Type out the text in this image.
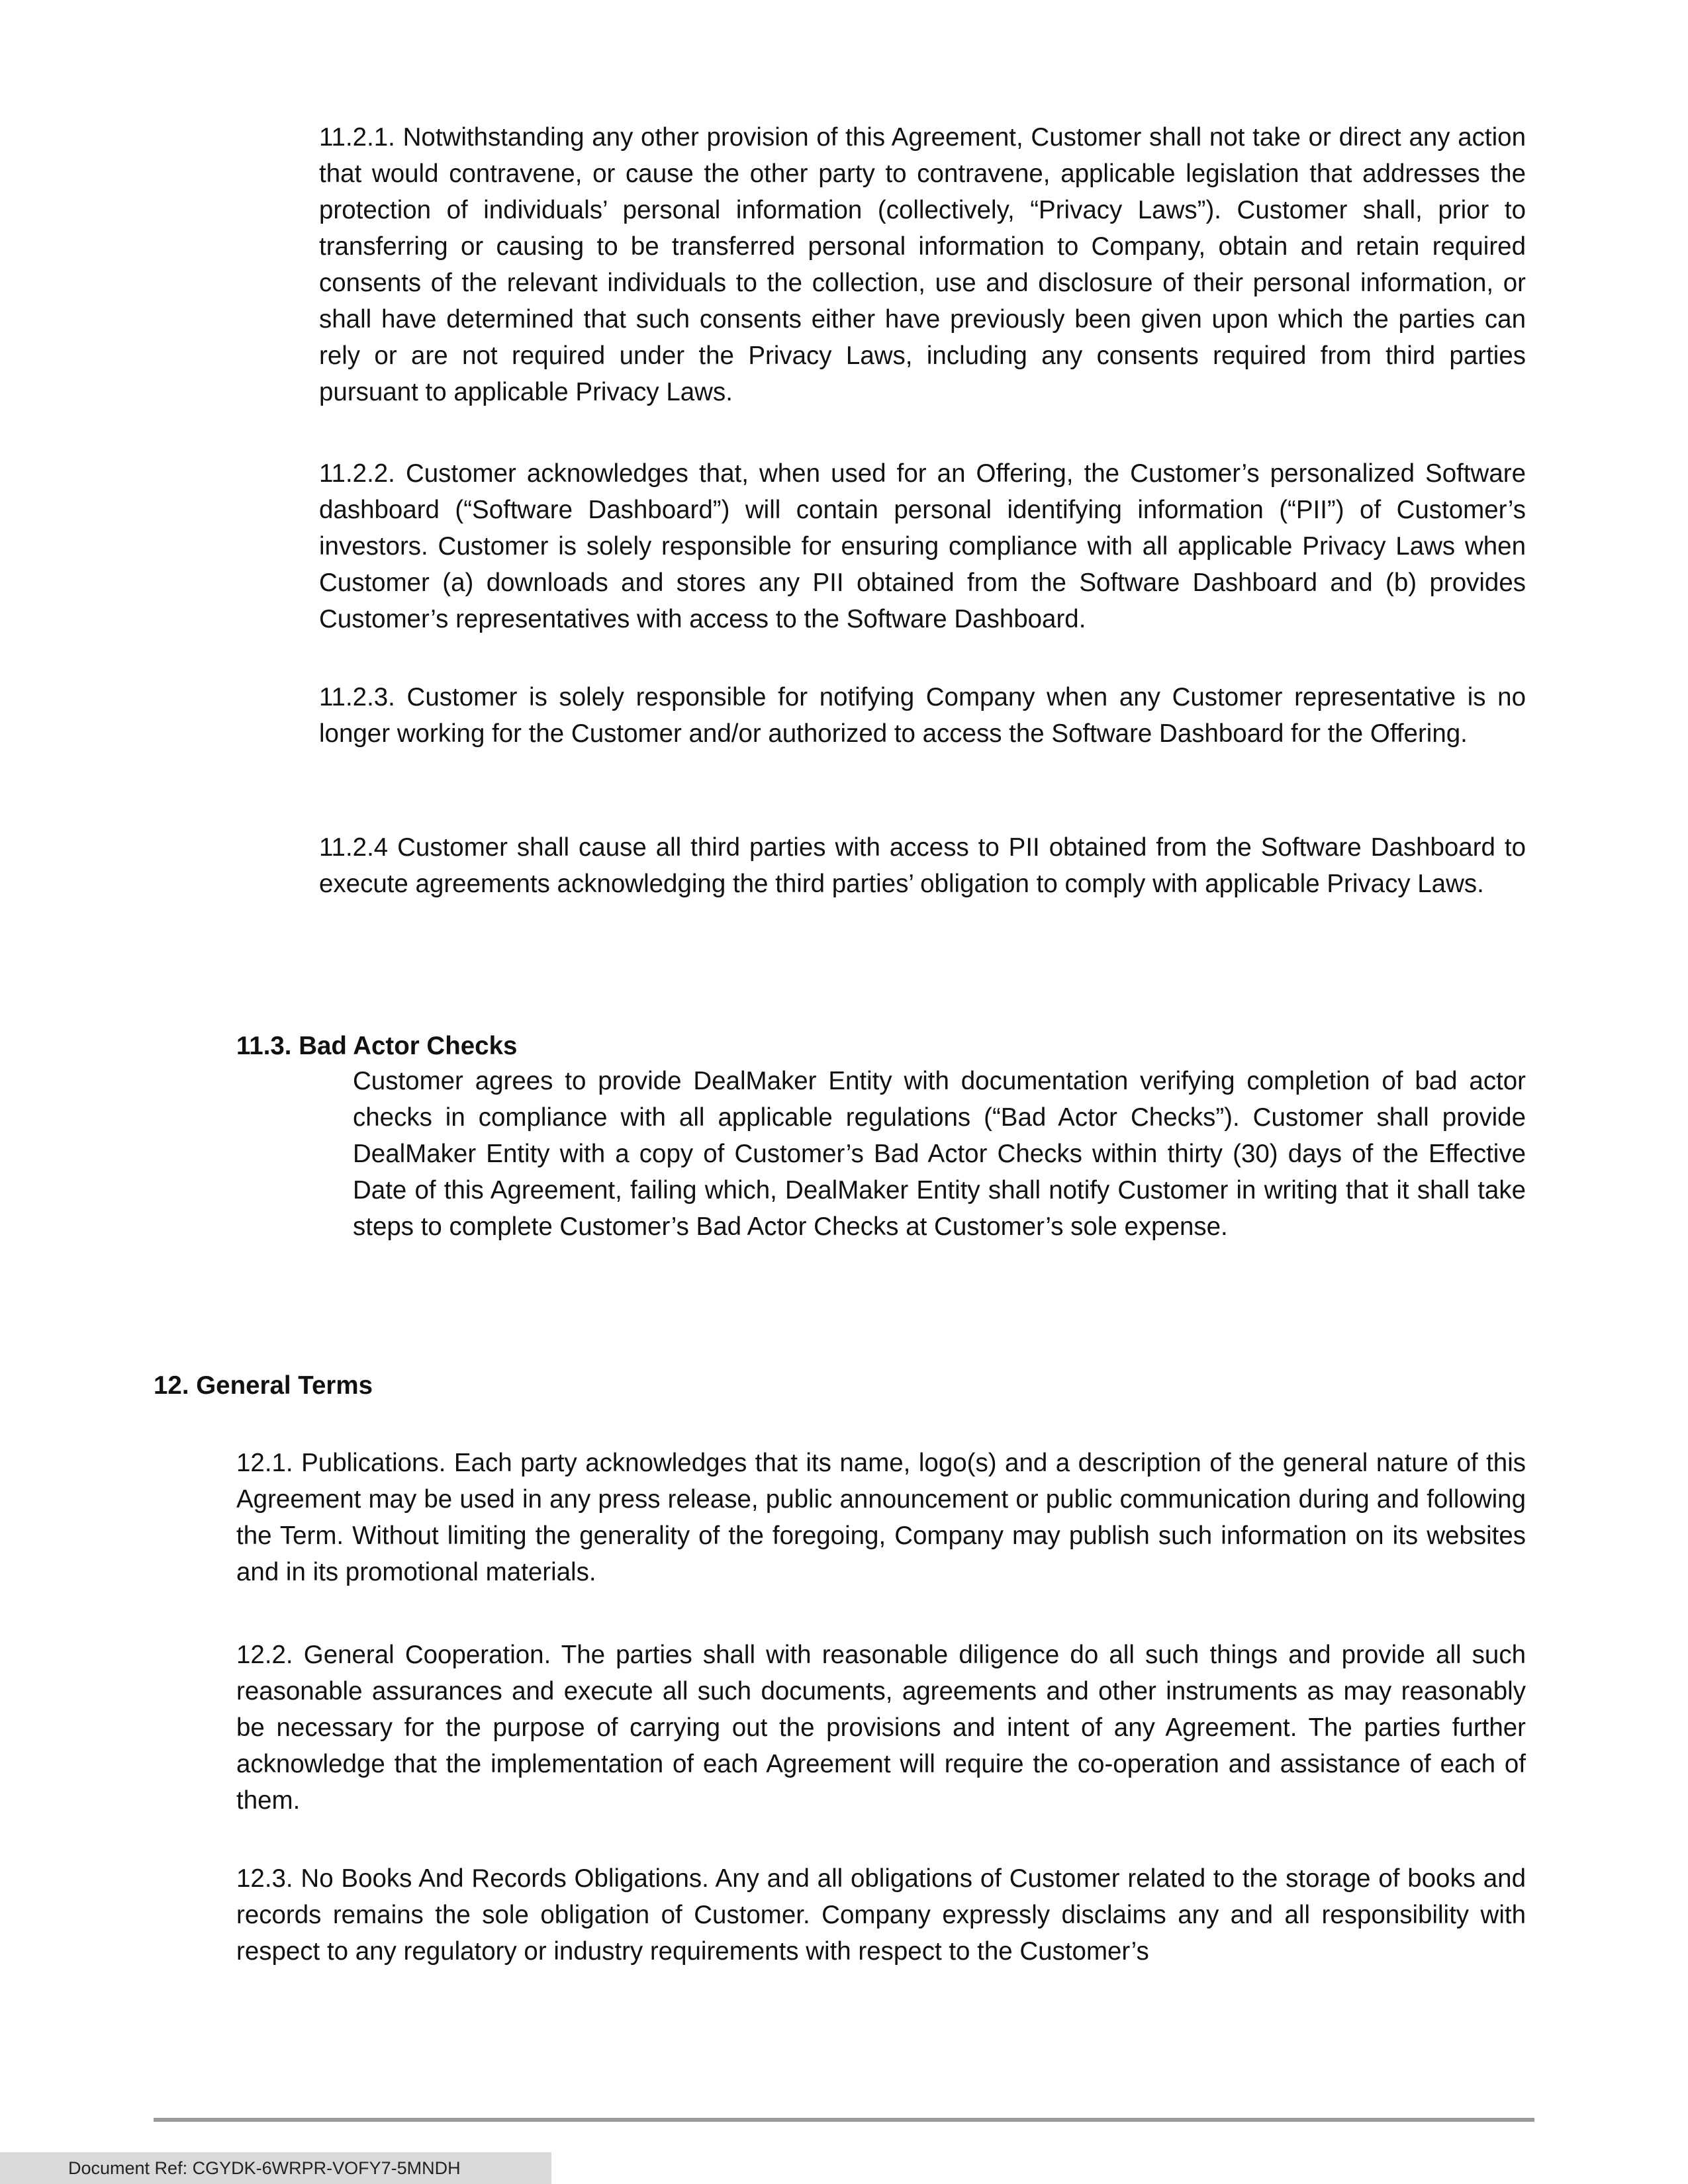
11.2.1. Notwithstanding any other provision of this Agreement, Customer shall not take or direct any action that would contravene, or cause the other party to contravene, applicable legislation that addresses the protection of individuals’ personal information (collectively, “Privacy Laws”). Customer shall, prior to transferring or causing to be transferred personal information to Company, obtain and retain required consents of the relevant individuals to the collection, use and disclosure of their personal information, or shall have determined that such consents either have previously been given upon which the parties can rely or are not required under the Privacy Laws, including any consents required from third parties pursuant to applicable Privacy Laws.

11.2.2. Customer acknowledges that, when used for an Offering, the Customer’s personalized Software dashboard (“Software Dashboard”) will contain personal identifying information (“PII”) of Customer’s investors. Customer is solely responsible for ensuring compliance with all applicable Privacy Laws when Customer (a) downloads and stores any PII obtained from the Software Dashboard and (b) provides Customer’s representatives with access to the Software Dashboard.

11.2.3. Customer is solely responsible for notifying Company when any Customer representative is no longer working for the Customer and/or authorized to access the Software Dashboard for the Offering.

11.2.4 Customer shall cause all third parties with access to PII obtained from the Software Dashboard to execute agreements acknowledging the third parties’ obligation to comply with applicable Privacy Laws.

11.3. Bad Actor Checks

Customer agrees to provide DealMaker Entity with documentation verifying completion of bad actor checks in compliance with all applicable regulations (“Bad Actor Checks”). Customer shall provide DealMaker Entity with a copy of Customer’s Bad Actor Checks within thirty (30) days of the Effective Date of this Agreement, failing which, DealMaker Entity shall notify Customer in writing that it shall take steps to complete Customer’s Bad Actor Checks at Customer’s sole expense.

12. General Terms

12.1. Publications. Each party acknowledges that its name, logo(s) and a description of the general nature of this Agreement may be used in any press release, public announcement or public communication during and following the Term. Without limiting the generality of the foregoing, Company may publish such information on its websites and in its promotional materials.

12.2. General Cooperation. The parties shall with reasonable diligence do all such things and provide all such reasonable assurances and execute all such documents, agreements and other instruments as may reasonably be necessary for the purpose of carrying out the provisions and intent of any Agreement. The parties further acknowledge that the implementation of each Agreement will require the co-operation and assistance of each of them.

12.3. No Books And Records Obligations. Any and all obligations of Customer related to the storage of books and records remains the sole obligation of Customer. Company expressly disclaims any and all responsibility with respect to any regulatory or industry requirements with respect to the Customer’s

Document Ref: CGYDK-6WRPR-VOFY7-5MNDH
